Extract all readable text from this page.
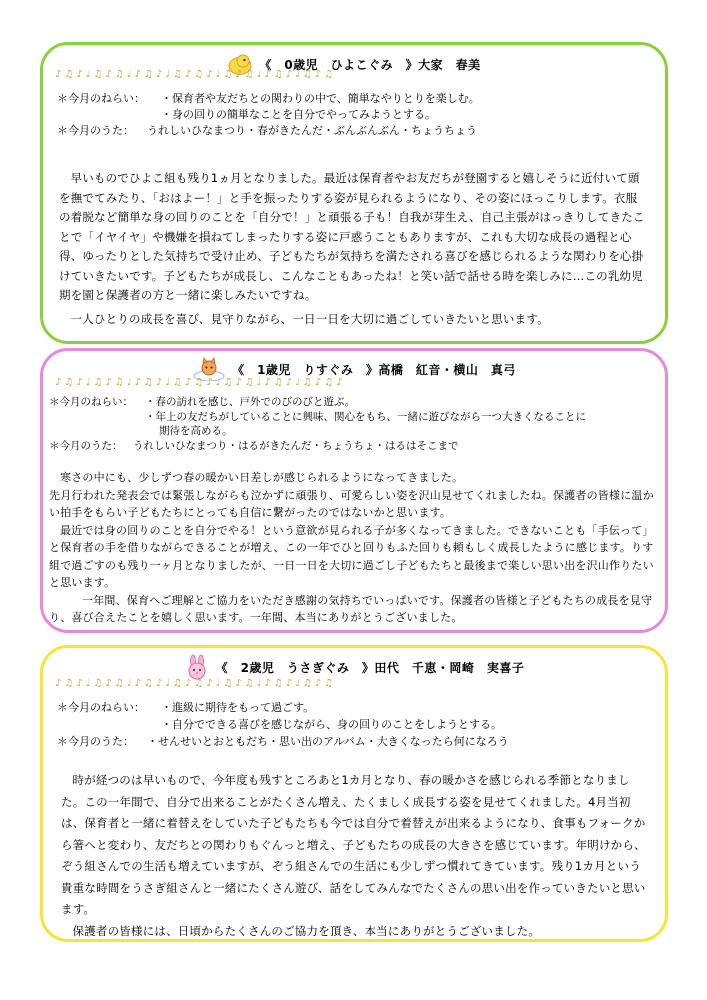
《　0歳児　ひよこぐみ　》大家　春美
♪♫♪♩♫♪♫♩♪♫♪♩♫♪♫♪♩♫♪♫♩♪♫♪♩♫♪♫
＊今月のねらい： ・保育者や友だちとの関わりの中で、簡単なやりとりを楽しむ。
・身の回りの簡単なことを自分でやってみようとする。
＊今月のうた： うれしいひなまつり・春がきたんだ・ぶんぶんぶん・ちょうちょう

早いものでひよこ組も残り1ヵ月となりました。最近は保育者やお友だちが登園すると嬉しそうに近付いて頭を撫でてみたり、「おはよー！」と手を振ったりする姿が見られるようになり、その姿にほっこりします。衣服の着脱など簡単な身の回りのことを「自分で！」と頑張る子も！自我が芽生え、自己主張がはっきりしてきたことで「イヤイヤ」や機嫌を損ねてしまったりする姿に戸惑うこともありますが、これも大切な成長の過程と心得、ゆったりとした気持ちで受け止め、子どもたちが気持ちを満たされる喜びを感じられるような関わりを心掛けていきたいです。子どもたちが成長し、こんなこともあったね！と笑い話で話せる時を楽しみに…この乳幼児期を園と保護者の方と一緒に楽しみたいですね。

一人ひとりの成長を喜び、見守りながら、一日一日を大切に過ごしていきたいと思います。

《　1歳児　りすぐみ　》高橋　紅音・横山　真弓
♪♫♪♩♫♪♫♩♪♫♪♩♫♪♫♪♩♫♪♫♩♪♫♪♩♫♪♫♪
＊今月のねらい： ・春の訪れを感じ、戸外でのびのびと遊ぶ。
・年上の友だちがしていることに興味、関心をもち、一緒に遊びながら一つ大きくなることに
期待を高める。
＊今月のうた： うれしいひなまつり・はるがきたんだ・ちょうちょ・はるはそこまで

寒さの中にも、少しずつ春の暖かい日差しが感じられるようになってきました。

先月行われた発表会では緊張しながらも泣かずに頑張り、可愛らしい姿を沢山見せてくれましたね。保護者の皆様に温かい拍手をもらい子どもたちにとっても自信に繋がったのではないかと思います。

最近では身の回りのことを自分でやる！という意欲が見られる子が多くなってきました。できないことも「手伝って」と保育者の手を借りながらできることが増え、この一年でひと回りもふた回りも頼もしく成長したように感じます。りす組で過ごすのも残り一ヶ月となりましたが、一日一日を大切に過ごし子どもたちと最後まで楽しい思い出を沢山作りたいと思います。

一年間、保育へご理解とご協力をいただき感謝の気持ちでいっぱいです。保護者の皆様と子どもたちの成長を見守り、喜び合えたことを嬉しく思います。一年間、本当にありがとうございました。

《　2歳児　うさぎぐみ　》田代　千恵・岡崎　実喜子
♪♫♪♩♫♪♫♩♪♫♪♩♫♪♫♪♩♫♪♫♩♪♫♪♩♫♪♫
＊今月のねらい： ・進級に期待をもって過ごす。
・自分でできる喜びを感じながら、身の回りのことをしようとする。
＊今月のうた： ・せんせいとおともだち・思い出のアルバム・大きくなったら何になろう

時が経つのは早いもので、今年度も残すところあと1カ月となり、春の暖かさを感じられる季節となりました。この一年間で、自分で出来ることがたくさん増え、たくましく成長する姿を見せてくれました。4月当初は、保育者と一緒に着替えをしていた子どもたちも今では自分で着替えが出来るようになり、食事もフォークから箸へと変わり、友だちとの関わりもぐんっと増え、子どもたちの成長の大きさを感じています。年明けから、ぞう組さんでの生活も増えていますが、ぞう組さんでの生活にも少しずつ慣れてきています。残り1カ月という貴重な時間をうさぎ組さんと一緒にたくさん遊び、話をしてみんなでたくさんの思い出を作っていきたいと思います。

保護者の皆様には、日頃からたくさんのご協力を頂き、本当にありがとうございました。
